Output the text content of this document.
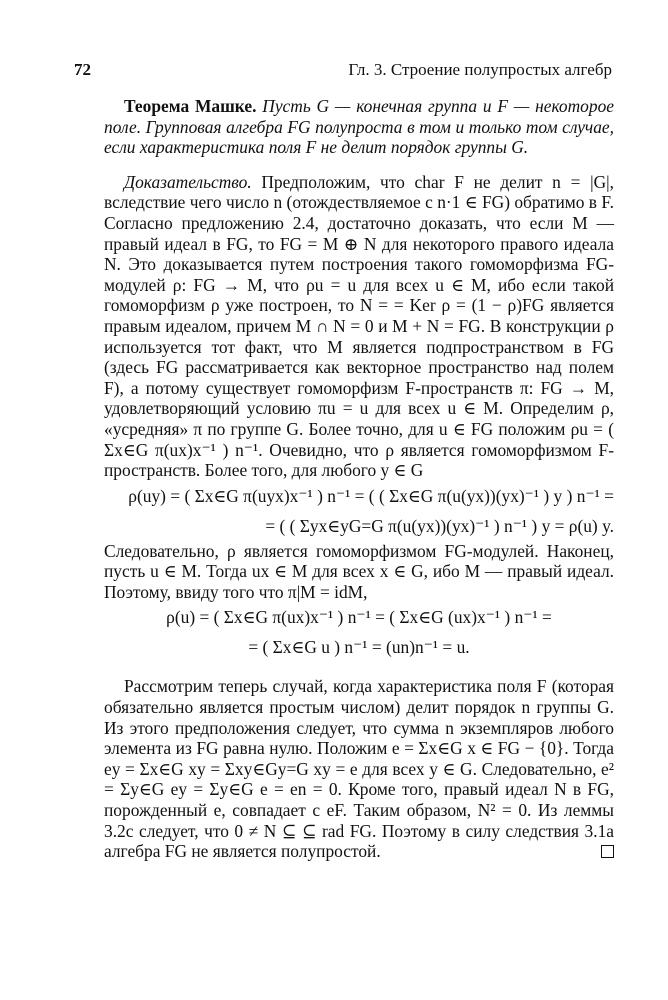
72	Гл. 3. Строение полупростых алгебр

Теорема Машке. Пусть G — конечная группа и F — некоторое поле. Групповая алгебра FG полупроста в том и только том случае, если характеристика поля F не делит порядок группы G.

Доказательство. Предположим, что char F не делит n = |G|, вследствие чего число n (отождествляемое с n·1 ∈ FG) обратимо в F. Согласно предложению 2.4, достаточно доказать, что если M — правый идеал в FG, то FG = M ⊕ N для некоторого правого идеала N. Это доказывается путем построения такого гомоморфизма FG-модулей ρ: FG → M, что ρu = u для всех u ∈ M, ибо если такой гомоморфизм ρ уже построен, то N = = Ker ρ = (1 − ρ)FG является правым идеалом, причем M ∩ N = 0 и M + N = FG. В конструкции ρ используется тот факт, что M является подпространством в FG (здесь FG рассматривается как векторное пространство над полем F), а потому существует гомоморфизм F-пространств π: FG → M, удовлетворяющий условию πu = u для всех u ∈ M. Определим ρ, «усредняя» π по группе G. Более точно, для u ∈ FG положим ρu = ( Σx∈G π(ux)x⁻¹ ) n⁻¹. Очевидно, что ρ является гомоморфизмом F-пространств. Более того, для любого y ∈ G

ρ(uy) = ( Σx∈G π(uyx)x⁻¹ ) n⁻¹ = ( ( Σx∈G π(u(yx))(yx)⁻¹ ) y ) n⁻¹ =
= ( ( Σyx∈yG=G π(u(yx))(yx)⁻¹ ) n⁻¹ ) y = ρ(u) y.

Следовательно, ρ является гомоморфизмом FG-модулей. Наконец, пусть u ∈ M. Тогда ux ∈ M для всех x ∈ G, ибо M — правый идеал. Поэтому, ввиду того что π|M = idM,

ρ(u) = ( Σx∈G π(ux)x⁻¹ ) n⁻¹ = ( Σx∈G (ux)x⁻¹ ) n⁻¹ =
= ( Σx∈G u ) n⁻¹ = (un)n⁻¹ = u.

Рассмотрим теперь случай, когда характеристика поля F (которая обязательно является простым числом) делит порядок n группы G. Из этого предположения следует, что сумма n экземпляров любого элемента из FG равна нулю. Положим e = Σx∈G x ∈ FG − {0}. Тогда ey = Σx∈G xy = Σxy∈Gy=G xy = e для всех y ∈ G. Следовательно, e² = Σy∈G ey = Σy∈G e = en = 0. Кроме того, правый идеал N в FG, порожденный e, совпадает с eF. Таким образом, N² = 0. Из леммы 3.2c следует, что 0 ≠ N ⊆ ⊆ rad FG. Поэтому в силу следствия 3.1a алгебра FG не является полупростой.
